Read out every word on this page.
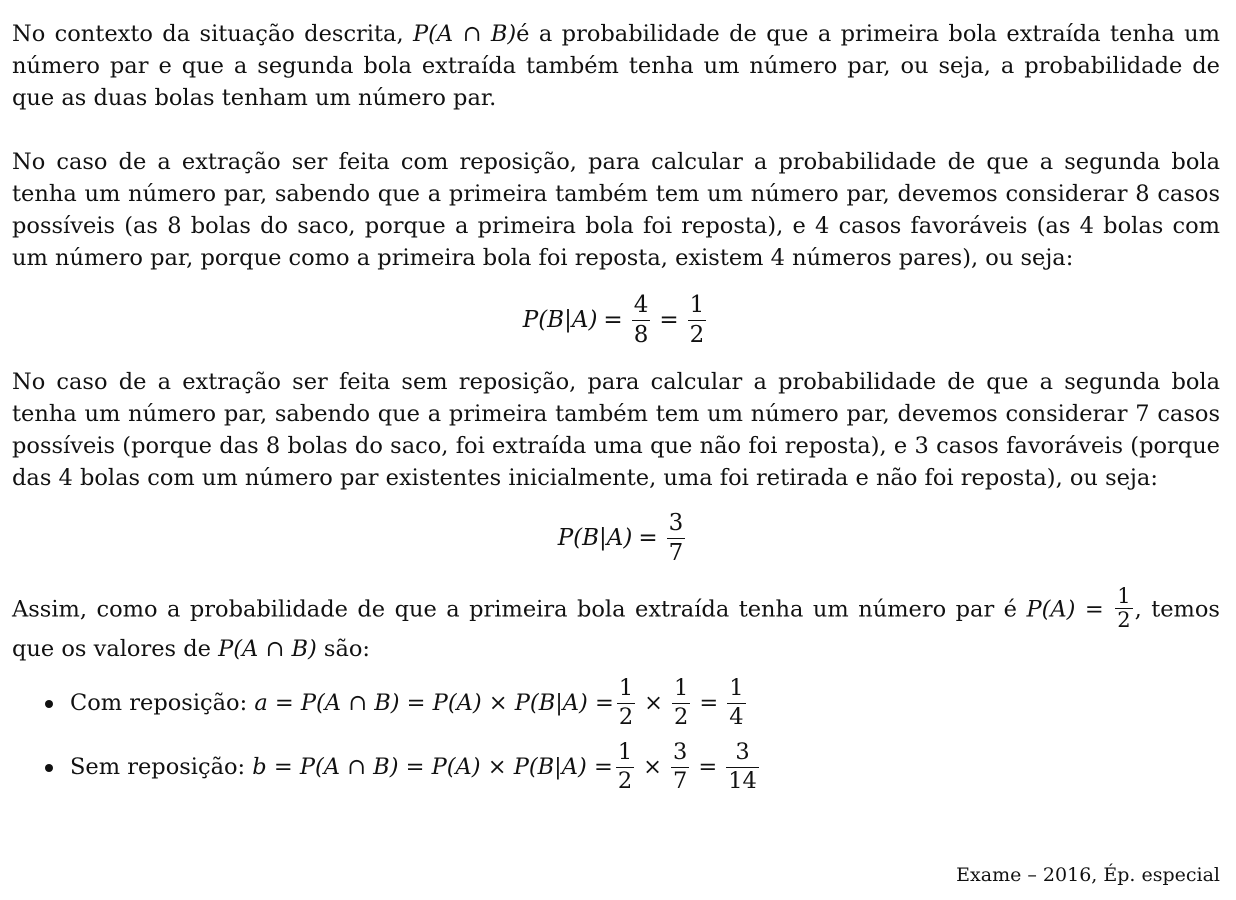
No contexto da situação descrita, P(A ∩ B)é a probabilidade de que a primeira bola extraída tenha um número par e que a segunda bola extraída também tenha um número par, ou seja, a probabilidade de que as duas bolas tenham um número par.

No caso de a extração ser feita com reposição, para calcular a probabilidade de que a segunda bola tenha um número par, sabendo que a primeira também tem um número par, devemos considerar 8 casos possíveis (as 8 bolas do saco, porque a primeira bola foi reposta), e 4 casos favoráveis (as 4 bolas com um número par, porque como a primeira bola foi reposta, existem 4 números pares), ou seja:

$P(B|A) = \frac{4}{8} = \frac{1}{2}$

No caso de a extração ser feita sem reposição, para calcular a probabilidade de que a segunda bola tenha um número par, sabendo que a primeira também tem um número par, devemos considerar 7 casos possíveis (porque das 8 bolas do saco, foi extraída uma que não foi reposta), e 3 casos favoráveis (porque das 4 bolas com um número par existentes inicialmente, uma foi retirada e não foi reposta), ou seja:

$P(B|A) = \frac{3}{7}$

Assim, como a probabilidade de que a primeira bola extraída tenha um número par é $P(A) = \frac{1}{2}$ , temos que os valores de P(A ∩ B) são:

Com reposição:
a = P(A ∩ $B) = P(A) \times P(B|A) = \frac{1}{2} \times \frac{1}{2} = \frac{1}{4}$
Sem reposição:
b = P(A ∩ $B) = P(A) \times P(B|A) = \frac{1}{2} \times \frac{3}{7} = \frac{3}{14}$
Exame – 2016, Ép. especial
